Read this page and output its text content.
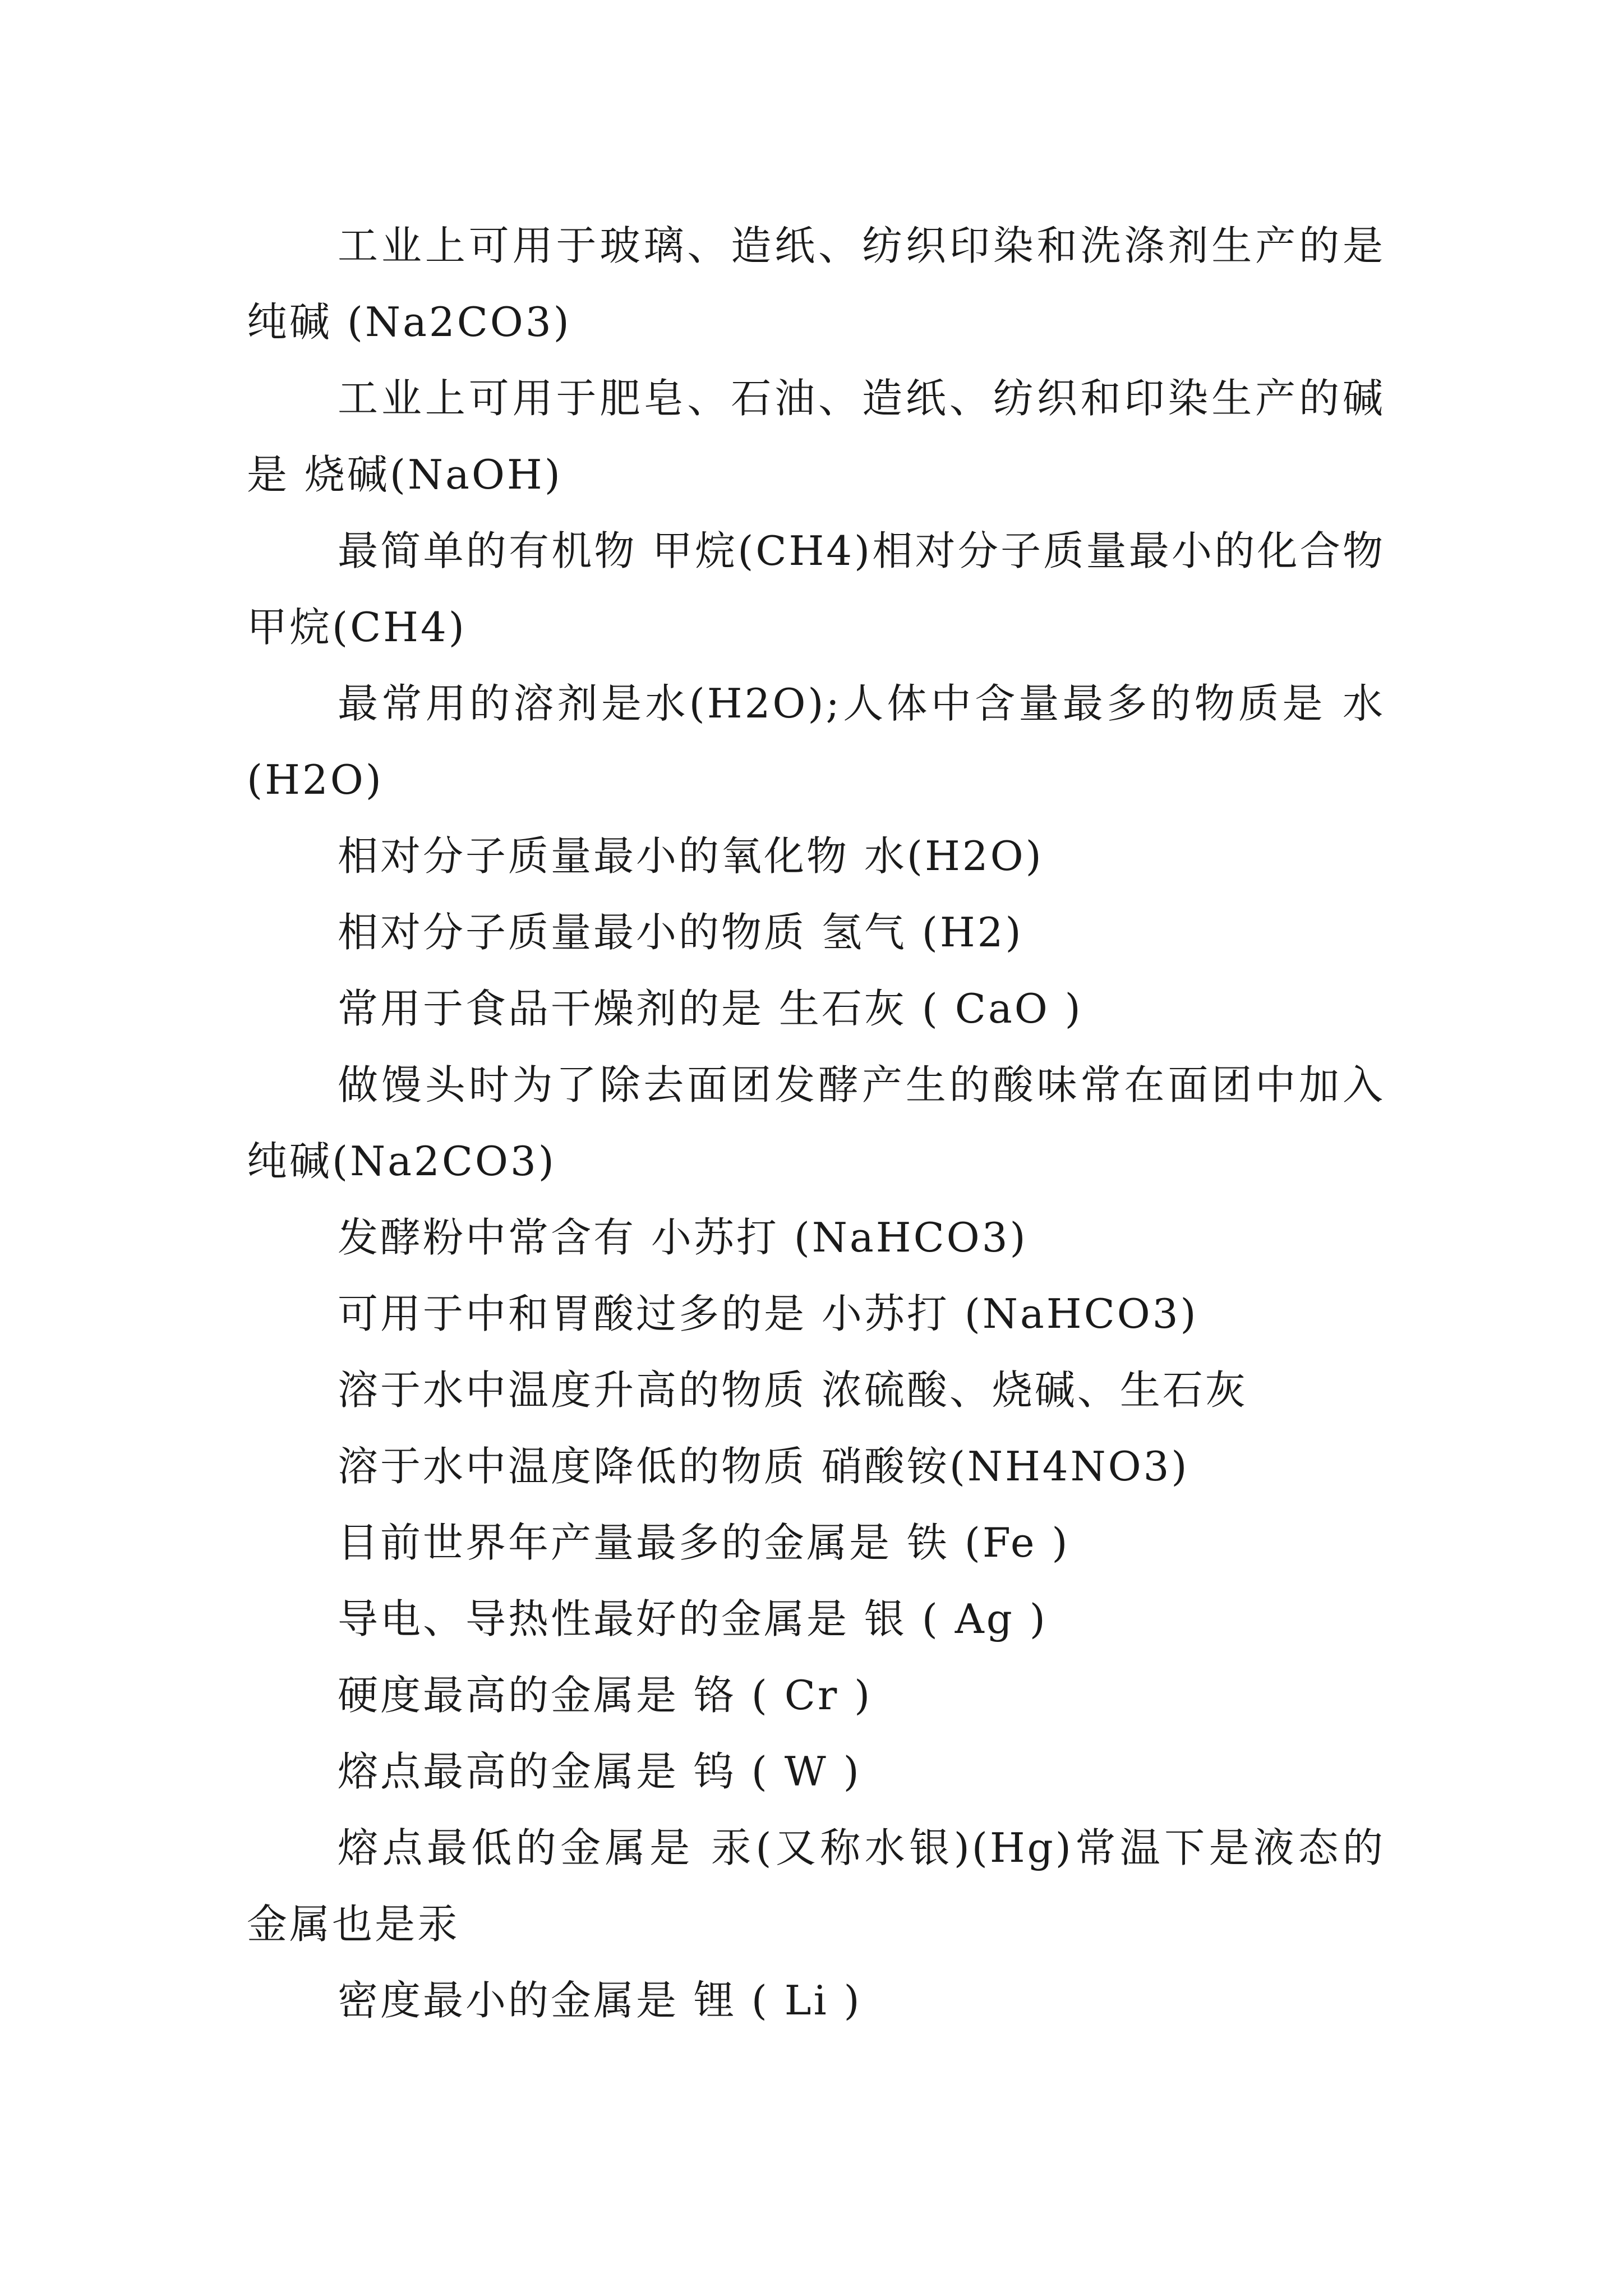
工业上可用于玻璃、造纸、纺织印染和洗涤剂生产的是纯碱 (Na2CO3)

工业上可用于肥皂、石油、造纸、纺织和印染生产的碱是 烧碱(NaOH)

最简单的有机物 甲烷(CH4)相对分子质量最小的化合物甲烷(CH4)

最常用的溶剂是水(H2O);人体中含量最多的物质是 水(H2O)

相对分子质量最小的氧化物 水(H2O)

相对分子质量最小的物质 氢气 (H2)

常用于食品干燥剂的是 生石灰 ( CaO )

做馒头时为了除去面团发酵产生的酸味常在面团中加入 纯碱(Na2CO3)

发酵粉中常含有 小苏打 (NaHCO3)

可用于中和胃酸过多的是 小苏打 (NaHCO3)

溶于水中温度升高的物质 浓硫酸、烧碱、生石灰

溶于水中温度降低的物质 硝酸铵(NH4NO3)

目前世界年产量最多的金属是 铁 (Fe )

导电、导热性最好的金属是 银 ( Ag )

硬度最高的金属是 铬 ( Cr )

熔点最高的金属是 钨 ( W )

熔点最低的金属是 汞(又称水银)(Hg)常温下是液态的金属也是汞

密度最小的金属是 锂 ( Li )
